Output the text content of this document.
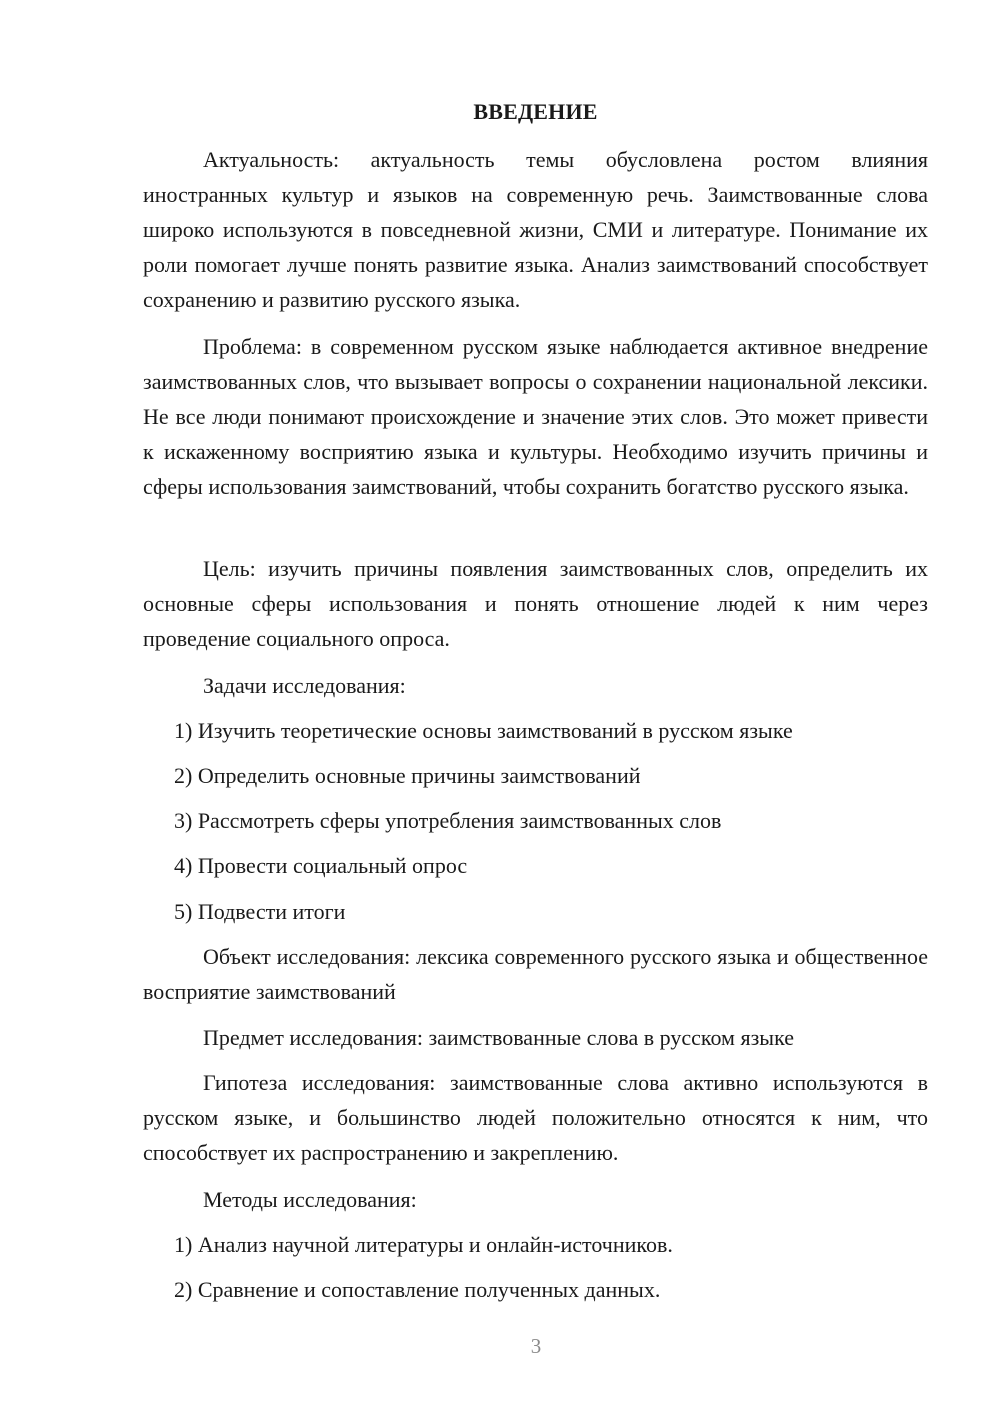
ВВЕДЕНИЕ

Актуальность: актуальность темы обусловлена ростом влияния иностранных культур и языков на современную речь. Заимствованные слова широко используются в повседневной жизни, СМИ и литературе. Понимание их роли помогает лучше понять развитие языка. Анализ заимствований способствует сохранению и развитию русского языка.

Проблема: в современном русском языке наблюдается активное внедрение заимствованных слов, что вызывает вопросы о сохранении национальной лексики. Не все люди понимают происхождение и значение этих слов. Это может привести к искаженному восприятию языка и культуры. Необходимо изучить причины и сферы использования заимствований, чтобы сохранить богатство русского языка.

Цель: изучить причины появления заимствованных слов, определить их основные сферы использования и понять отношение людей к ним через проведение социального опроса.

Задачи исследования:
1) Изучить теоретические основы заимствований в русском языке
2) Определить основные причины заимствований
3) Рассмотреть сферы употребления заимствованных слов
4) Провести социальный опрос
5) Подвести итоги

Объект исследования: лексика современного русского языка и общественное восприятие заимствований

Предмет исследования: заимствованные слова в русском языке

Гипотеза исследования: заимствованные слова активно используются в русском языке, и большинство людей положительно относятся к ним, что способствует их распространению и закреплению.

Методы исследования:
1) Анализ научной литературы и онлайн-источников.
2) Сравнение и сопоставление полученных данных.
3
